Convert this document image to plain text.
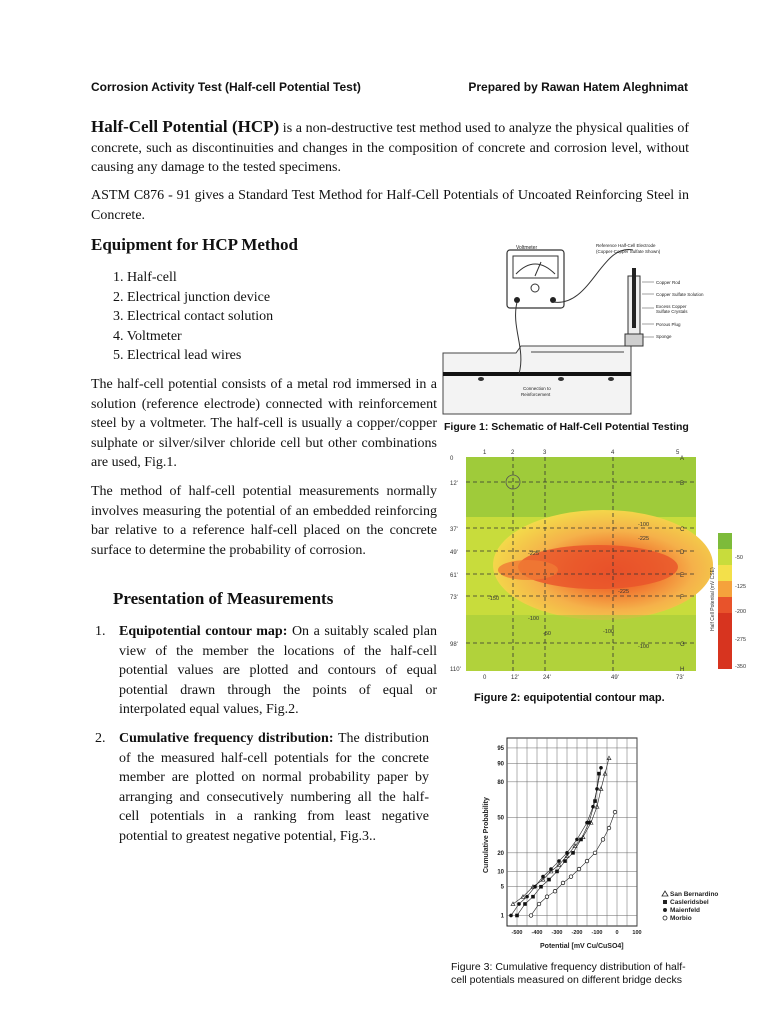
Corrosion Activity Test (Half-cell Potential Test)	Prepared by Rawan Hatem Aleghnimat
Half-Cell Potential (HCP) is a non-destructive test method used to analyze the physical qualities of concrete, such as discontinuities and changes in the composition of concrete and corrosion level, without causing any damage to the tested specimens.
ASTM C876 - 91 gives a Standard Test Method for Half-Cell Potentials of Uncoated Reinforcing Steel in Concrete.
Equipment for HCP Method
1. Half-cell
2. Electrical junction device
3. Electrical contact solution
4. Voltmeter
5. Electrical lead wires
The half-cell potential consists of a metal rod immersed in a solution (reference electrode) connected with reinforcement steel by a voltmeter. The half-cell is usually a copper/copper sulphate or silver/silver chloride cell but other combinations are used, Fig.1.
The method of half-cell potential measurements normally involves measuring the potential of an embedded reinforcing bar relative to a reference half-cell placed on the concrete surface to determine the probability of corrosion.
Presentation of Measurements
1. Equipotential contour map: On a suitably scaled plan view of the member the locations of the half-cell potential values are plotted and contours of equal potential drawn through the points of equal or interpolated equal values, Fig.2.
2. Cumulative frequency distribution: The distribution of the measured half-cell potentials for the concrete member are plotted on normal probability paper by arranging and consecutively numbering all the half-cell potentials in a ranking from least negative potential to greatest negative potential, Fig.3..
Voltmeter	Reference Half-Cell Electrode
(Copper-Copper Sulfate Shown)
Copper Rod
Copper Sulfate Solution
Excess Copper
Sulfate Crystals
Porous Plug
Sponge
Connection to
Reinforcement
Figure 1: Schematic of Half-Cell Potential Testing
1	2	3	4	5
0	12'	24'	49'	73'
0
12'
37'
49'
61'
73'
98'
110'
A
B
C
D
E
F
G
H
-100
-225
-225
-150
-225
-100
-100
-50
-100
-50
-125
-200
-275
-350
Half Cell Potential (mV CSE)
Figure 2: equipotential contour map.
1
5
10
20
50
80
90
95
-500 -400 -300 -200 -100 0	100
Potential [mV Cu/CuSO4]
Cumulative Probability
San Bernardino
Casleridsbel
Maienfeld
Morbio
Figure 3: Cumulative frequency distribution of half-
cell potentials measured on different bridge decks
